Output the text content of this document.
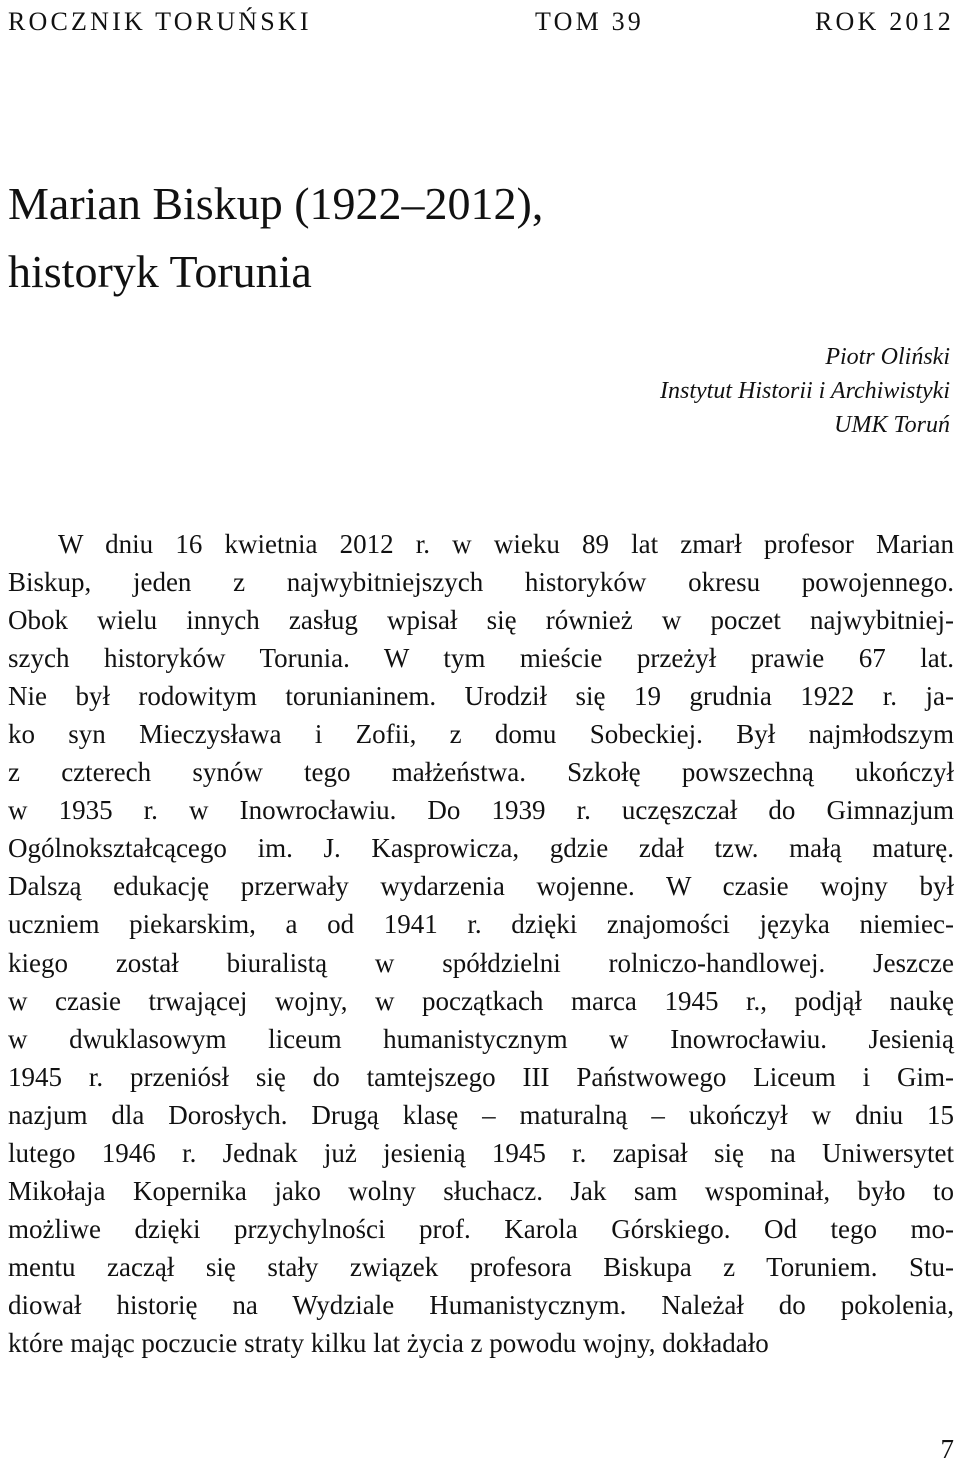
ROCZNIK TORUŃSKI	TOM 39	ROK 2012
Marian Biskup (1922–2012),
historyk Torunia
Piotr Oliński
Instytut Historii i Archiwistyki
UMK Toruń
W dniu 16 kwietnia 2012 r. w wieku 89 lat zmarł profesor Marian
Biskup, jeden z najwybitniejszych historyków okresu powojennego.
Obok wielu innych zasług wpisał się również w poczet najwybitniej-
szych historyków Torunia. W tym mieście przeżył prawie 67 lat.
Nie był rodowitym torunianinem. Urodził się 19 grudnia 1922 r. ja-
ko syn Mieczysława i Zofii, z domu Sobeckiej. Był najmłodszym
z czterech synów tego małżeństwa. Szkołę powszechną ukończył
w 1935 r. w Inowrocławiu. Do 1939 r. uczęszczał do Gimnazjum
Ogólnokształcącego im. J. Kasprowicza, gdzie zdał tzw. małą maturę.
Dalszą edukację przerwały wydarzenia wojenne. W czasie wojny był
uczniem piekarskim, a od 1941 r. dzięki znajomości języka niemiec-
kiego został biuralistą w spółdzielni rolniczo-handlowej. Jeszcze
w czasie trwającej wojny, w początkach marca 1945 r., podjął naukę
w dwuklasowym liceum humanistycznym w Inowrocławiu. Jesienią
1945 r. przeniósł się do tamtejszego III Państwowego Liceum i Gim-
nazjum dla Dorosłych. Drugą klasę – maturalną – ukończył w dniu 15
lutego 1946 r. Jednak już jesienią 1945 r. zapisał się na Uniwersytet
Mikołaja Kopernika jako wolny słuchacz. Jak sam wspominał, było to
możliwe dzięki przychylności prof. Karola Górskiego. Od tego mo-
mentu zaczął się stały związek profesora Biskupa z Toruniem. Stu-
diował historię na Wydziale Humanistycznym. Należał do pokolenia,
które mając poczucie straty kilku lat życia z powodu wojny, dokładało
7
